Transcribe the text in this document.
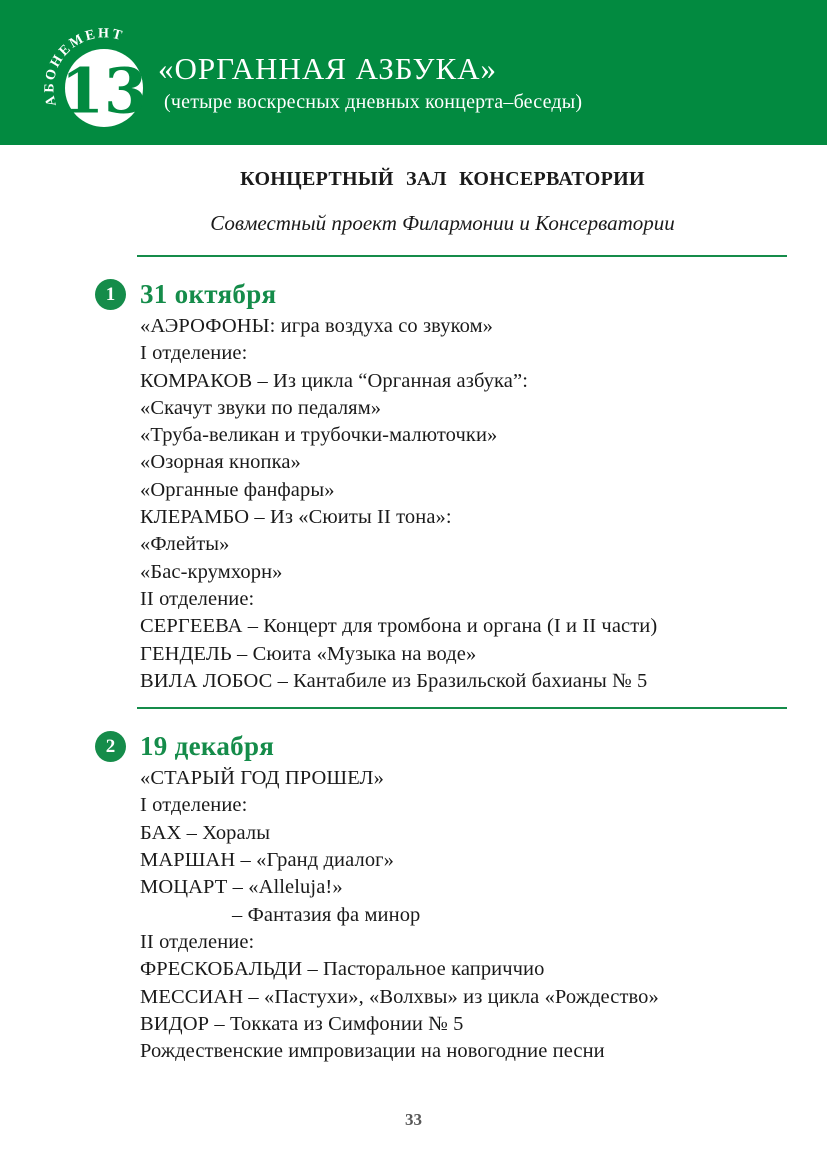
13
АБОНЕМЕНТ
«ОРГАННАЯ АЗБУКА»
(четыре воскресных дневных концерта–беседы)
КОНЦЕРТНЫЙ ЗАЛ КОНСЕРВАТОРИИ
Совместный проект Филармонии и Консерватории
1 31 октября
«АЭРОФОНЫ: игра воздуха со звуком»
I отделение:
КОМРАКОВ – Из цикла “Органная азбука”:
«Скачут звуки по педалям»
«Труба-великан и трубочки-малюточки»
«Озорная кнопка»
«Органные фанфары»
КЛЕРАМБО – Из «Сюиты II тона»:
«Флейты»
«Бас-крумхорн»
II отделение:
СЕРГЕЕВА – Концерт для тромбона и органа (I и II части)
ГЕНДЕЛЬ – Сюита «Музыка на воде»
ВИЛА ЛОБОС – Кантабиле из Бразильской бахианы № 5
2 19 декабря
«СТАРЫЙ ГОД ПРОШЕЛ»
I отделение:
БАХ – Хоралы
МАРШАН – «Гранд диалог»
МОЦАРТ – «Alleluja!»
– Фантазия фа минор
II отделение:
ФРЕСКОБАЛЬДИ – Пасторальное каприччио
МЕССИАН – «Пастухи», «Волхвы» из цикла «Рождество»
ВИДОР – Токката из Симфонии № 5
Рождественские импровизации на новогодние песни
33
